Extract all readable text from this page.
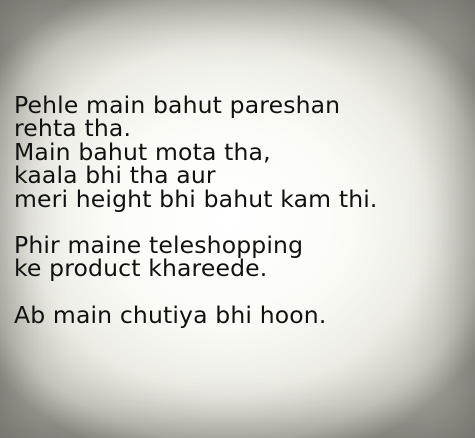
Pehle main bahut pareshan
rehta tha.
Main bahut mota tha,
kaala bhi tha aur
meri height bhi bahut kam thi.

Phir maine teleshopping
ke product khareede.

Ab main chutiya bhi hoon.
